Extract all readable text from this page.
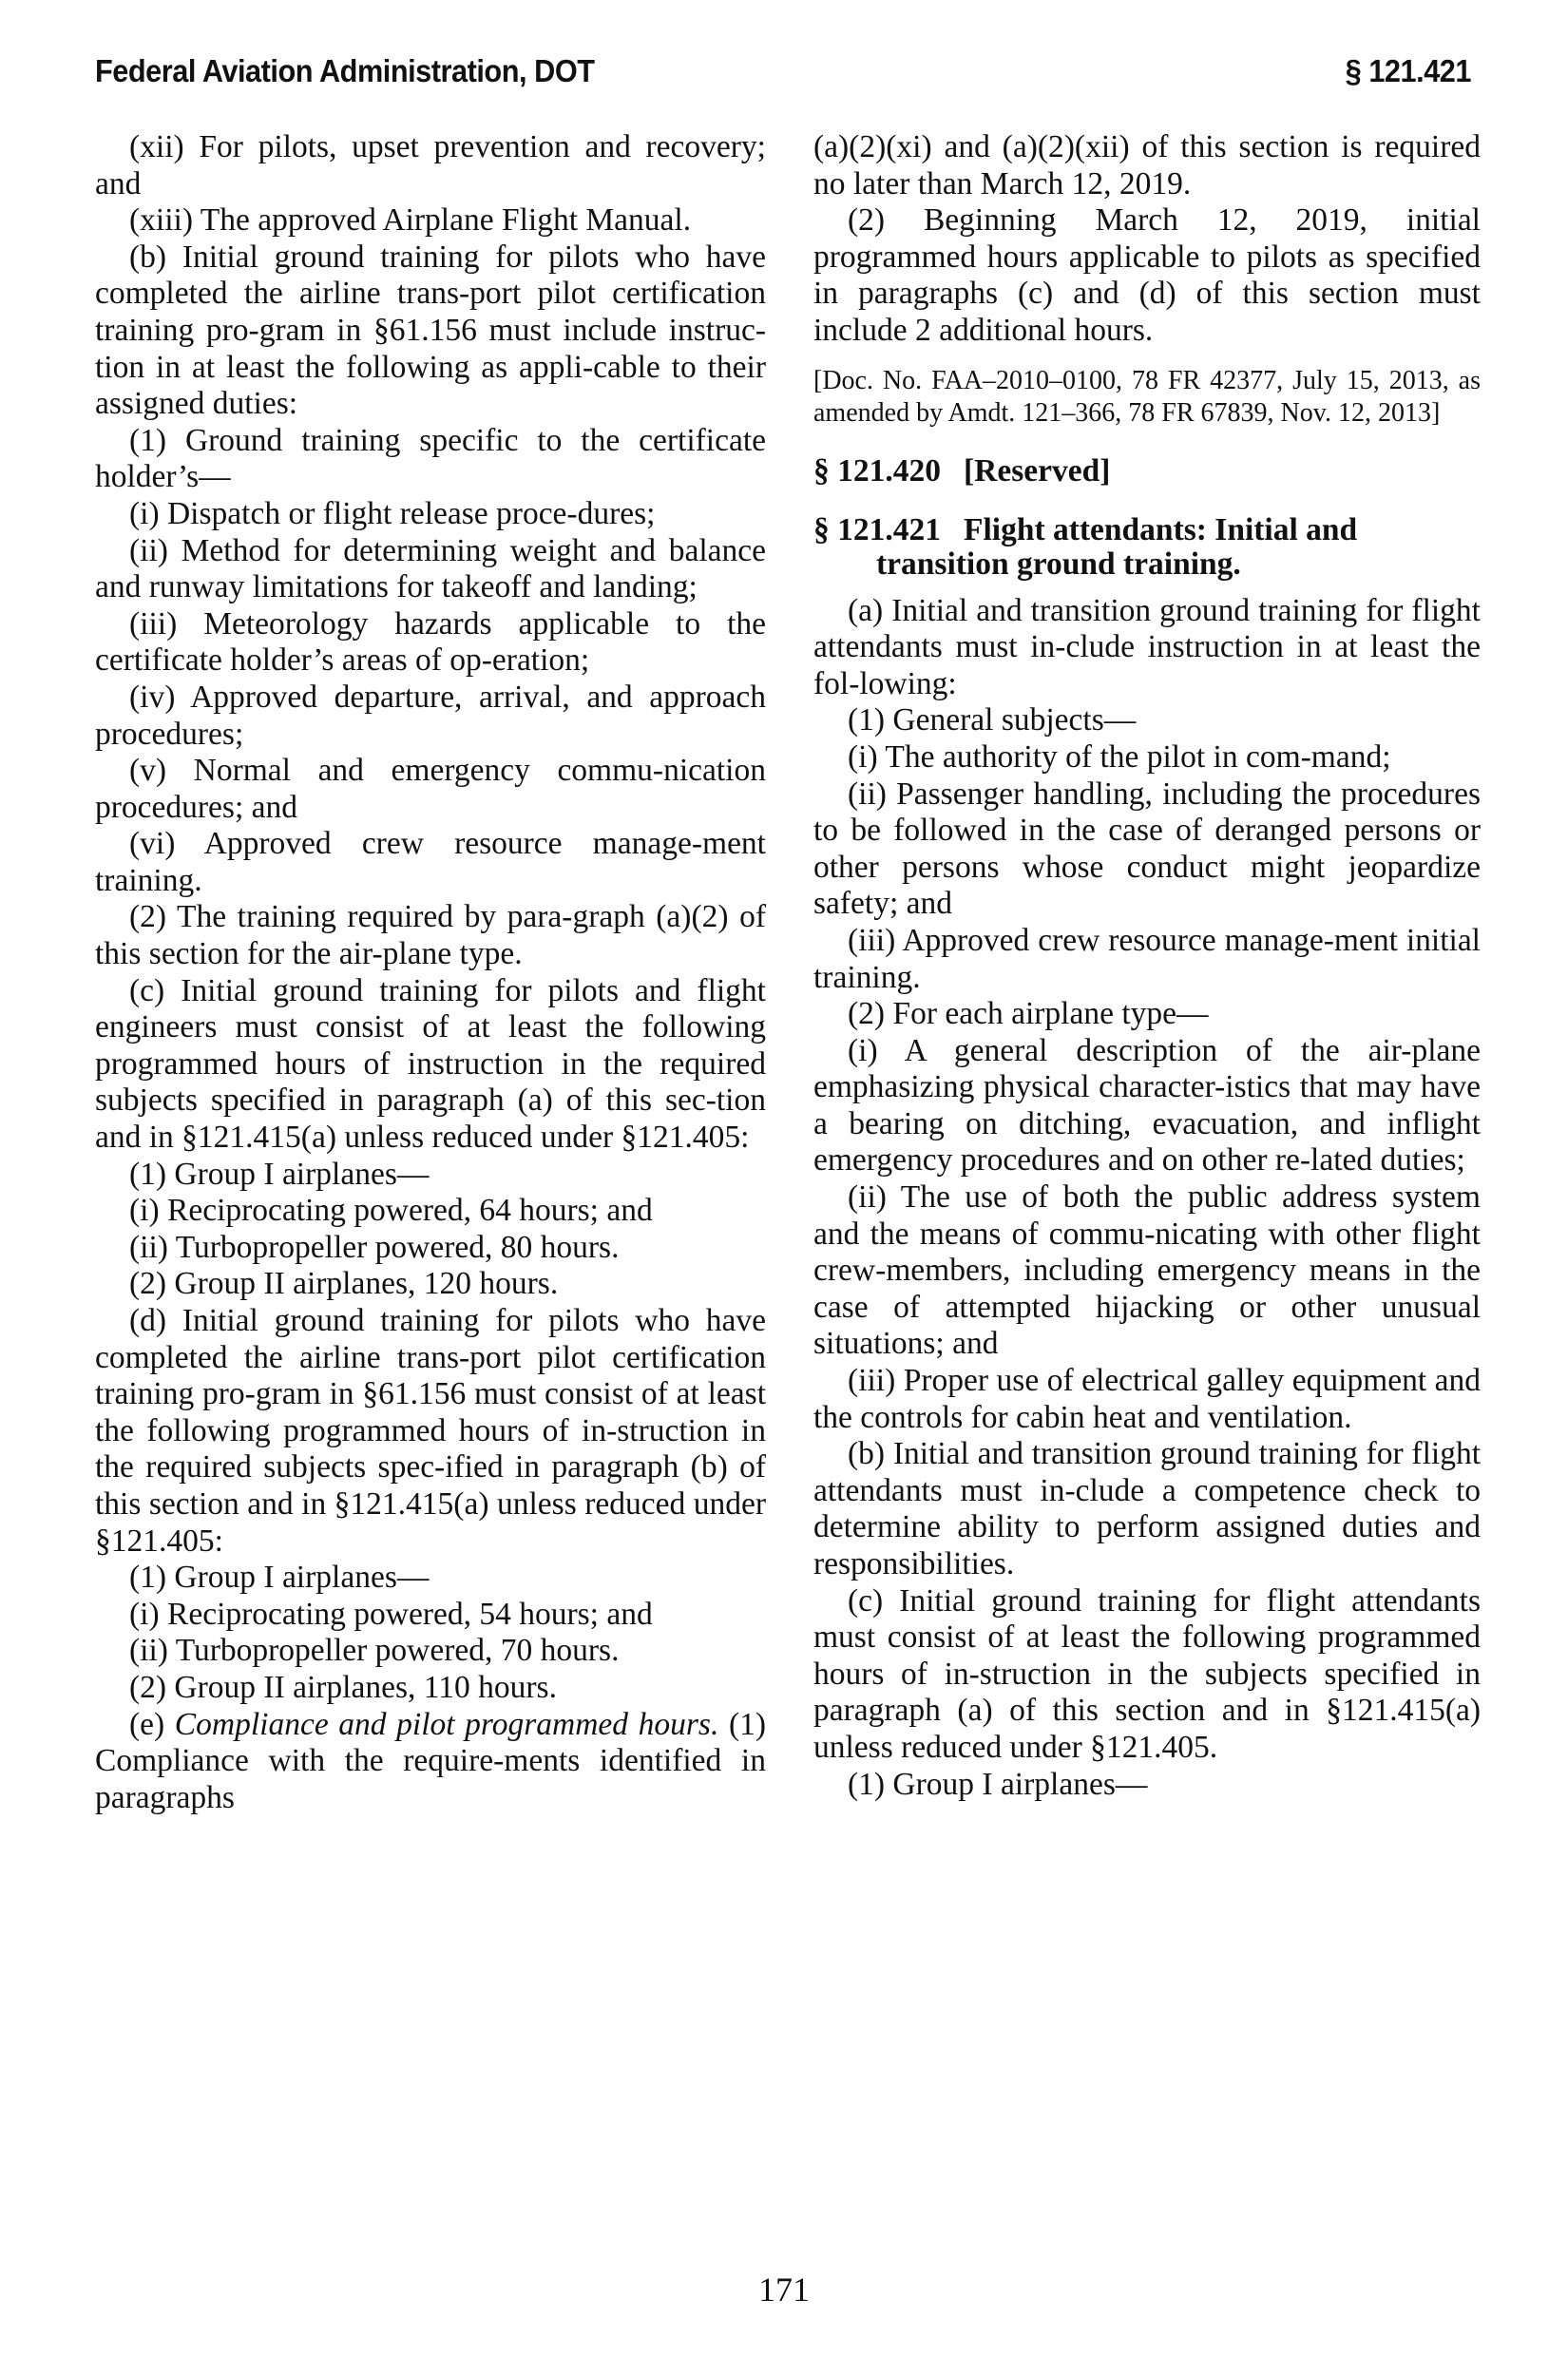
Federal Aviation Administration, DOT	§ 121.421

(xii) For pilots, upset prevention and recovery; and

(xiii) The approved Airplane Flight Manual.

(b) Initial ground training for pilots who have completed the airline trans-port pilot certification training pro-gram in §61.156 must include instruc-tion in at least the following as appli-cable to their assigned duties:

(1) Ground training specific to the certificate holder’s—

(i) Dispatch or flight release proce-dures;

(ii) Method for determining weight and balance and runway limitations for takeoff and landing;

(iii) Meteorology hazards applicable to the certificate holder’s areas of op-eration;

(iv) Approved departure, arrival, and approach procedures;

(v) Normal and emergency commu-nication procedures; and

(vi) Approved crew resource manage-ment training.

(2) The training required by para-graph (a)(2) of this section for the air-plane type.

(c) Initial ground training for pilots and flight engineers must consist of at least the following programmed hours of instruction in the required subjects specified in paragraph (a) of this sec-tion and in §121.415(a) unless reduced under §121.405:

(1) Group I airplanes—

(i) Reciprocating powered, 64 hours; and

(ii) Turbopropeller powered, 80 hours.

(2) Group II airplanes, 120 hours.

(d) Initial ground training for pilots who have completed the airline trans-port pilot certification training pro-gram in §61.156 must consist of at least the following programmed hours of in-struction in the required subjects spec-ified in paragraph (b) of this section and in §121.415(a) unless reduced under §121.405:

(1) Group I airplanes—

(i) Reciprocating powered, 54 hours; and

(ii) Turbopropeller powered, 70 hours.

(2) Group II airplanes, 110 hours.

(e) Compliance and pilot programmed hours. (1) Compliance with the require-ments identified in paragraphs

(a)(2)(xi) and (a)(2)(xii) of this section is required no later than March 12, 2019.

(2) Beginning March 12, 2019, initial programmed hours applicable to pilots as specified in paragraphs (c) and (d) of this section must include 2 additional hours.

[Doc. No. FAA–2010–0100, 78 FR 42377, July 15, 2013, as amended by Amdt. 121–366, 78 FR 67839, Nov. 12, 2013]

§ 121.420 [Reserved]
§ 121.421 Flight attendants: Initial and transition ground training.

(a) Initial and transition ground training for flight attendants must in-clude instruction in at least the fol-lowing:

(1) General subjects—

(i) The authority of the pilot in com-mand;

(ii) Passenger handling, including the procedures to be followed in the case of deranged persons or other persons whose conduct might jeopardize safety; and

(iii) Approved crew resource manage-ment initial training.

(2) For each airplane type—

(i) A general description of the air-plane emphasizing physical character-istics that may have a bearing on ditching, evacuation, and inflight emergency procedures and on other re-lated duties;

(ii) The use of both the public address system and the means of commu-nicating with other flight crew-members, including emergency means in the case of attempted hijacking or other unusual situations; and

(iii) Proper use of electrical galley equipment and the controls for cabin heat and ventilation.

(b) Initial and transition ground training for flight attendants must in-clude a competence check to determine ability to perform assigned duties and responsibilities.

(c) Initial ground training for flight attendants must consist of at least the following programmed hours of in-struction in the subjects specified in paragraph (a) of this section and in §121.415(a) unless reduced under §121.405.

(1) Group I airplanes—

171
